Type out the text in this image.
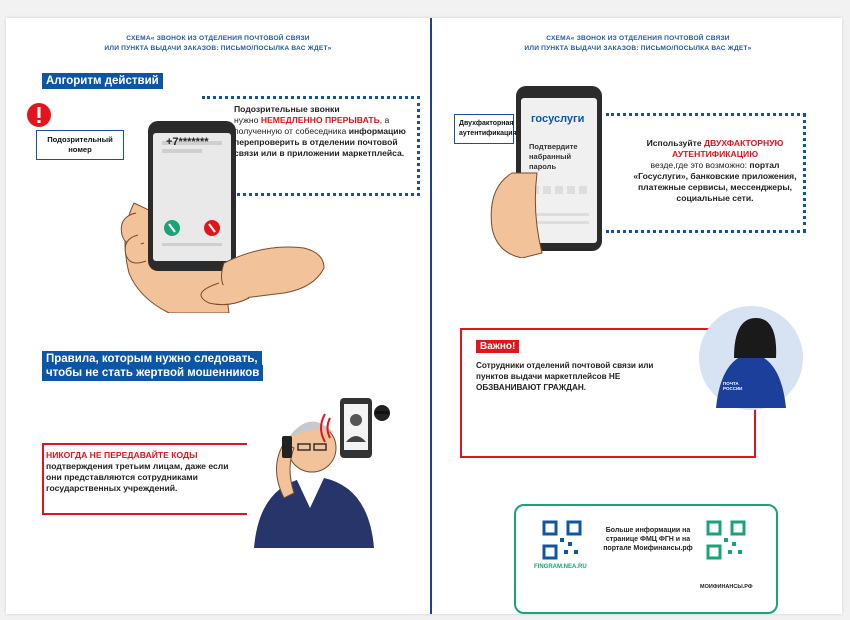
СХЕМА« ЗВОНОК ИЗ ОТДЕЛЕНИЯ ПОЧТОВОЙ СВЯЗИ
ИЛИ ПУНКТА ВЫДАЧИ ЗАКАЗОВ: ПИСЬМО/ПОСЫЛКА ВАС ЖДЕТ»
Алгоритм действий
+7*******
Подозрительный номер
Подозрительные звонки
нужно НЕМЕДЛЕННО ПРЕРЫВАТЬ, а полученную от собеседника информацию перепроверить в отделении почтовой связи или в приложении маркетплейса.
Правила, которым нужно следовать,
чтобы не стать жертвой мошенников
НИКОГДА НЕ ПЕРЕДАВАЙТЕ КОДЫ подтверждения третьим лицам, даже если они представляются сотрудниками государственных учреждений.
СХЕМА« ЗВОНОК ИЗ ОТДЕЛЕНИЯ ПОЧТОВОЙ СВЯЗИ
ИЛИ ПУНКТА ВЫДАЧИ ЗАКАЗОВ: ПИСЬМО/ПОСЫЛКА ВАС ЖДЕТ»
госуслуги
Подтвердите набранный пароль
Двухфакторная аутентификация
Используйте ДВУХФАКТОРНУЮ АУТЕНТИФИКАЦИЮ
везде,где это возможно: портал «Госуслуги», банковские приложения, платежные сервисы, мессенджеры, социальные сети.
Важно!
Сотрудники отделений почтовой связи или пунктов выдачи маркетплейсов НЕ ОБЗВАНИВАЮТ ГРАЖДАН.	ПОЧТА РОССИИ
FINGRAM.NEA.RU
Больше информации на странице ФМЦ ФГН и на портале Моифинансы.рф
МОИФИНАНСЫ.РФ
